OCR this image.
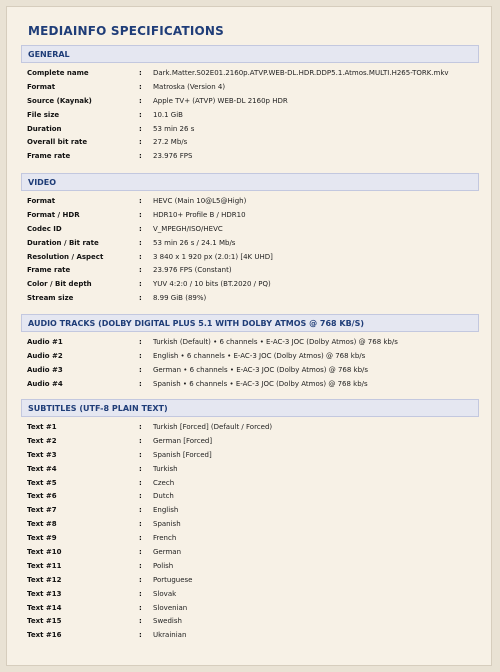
MEDIAINFO SPECIFICATIONS
GENERAL
Complete name	: Dark.Matter.S02E01.2160p.ATVP.WEB-DL.HDR.DDP5.1.Atmos.MULTI.H265-TORK.mkv
Format	: Matroska (Version 4)
Source (Kaynak)	: Apple TV+ (ATVP) WEB-DL 2160p HDR
File size	: 10.1 GiB
Duration	: 53 min 26 s
Overall bit rate	: 27.2 Mb/s
Frame rate	: 23.976 FPS
VIDEO
Format	: HEVC (Main 10@L5@High)
Format / HDR	: HDR10+ Profile B / HDR10
Codec ID	: V_MPEGH/ISO/HEVC
Duration / Bit rate	: 53 min 26 s / 24.1 Mb/s
Resolution / Aspect	: 3 840 x 1 920 px (2.0:1) [4K UHD]
Frame rate	: 23.976 FPS (Constant)
Color / Bit depth	: YUV 4:2:0 / 10 bits (BT.2020 / PQ)
Stream size	: 8.99 GiB (89%)
AUDIO TRACKS (DOLBY DIGITAL PLUS 5.1 WITH DOLBY ATMOS @ 768 KB/S)
Audio #1	: Turkish (Default) • 6 channels • E-AC-3 JOC (Dolby Atmos) @ 768 kb/s
Audio #2	: English • 6 channels • E-AC-3 JOC (Dolby Atmos) @ 768 kb/s
Audio #3	: German • 6 channels • E-AC-3 JOC (Dolby Atmos) @ 768 kb/s
Audio #4	: Spanish • 6 channels • E-AC-3 JOC (Dolby Atmos) @ 768 kb/s
SUBTITLES (UTF-8 PLAIN TEXT)
Text #1	: Turkish [Forced] (Default / Forced)
Text #2	: German [Forced]
Text #3	: Spanish [Forced]
Text #4	: Turkish
Text #5	: Czech
Text #6	: Dutch
Text #7	: English
Text #8	: Spanish
Text #9	: French
Text #10	: German
Text #11	: Polish
Text #12	: Portuguese
Text #13	: Slovak
Text #14	: Slovenian
Text #15	: Swedish
Text #16	: Ukrainian
